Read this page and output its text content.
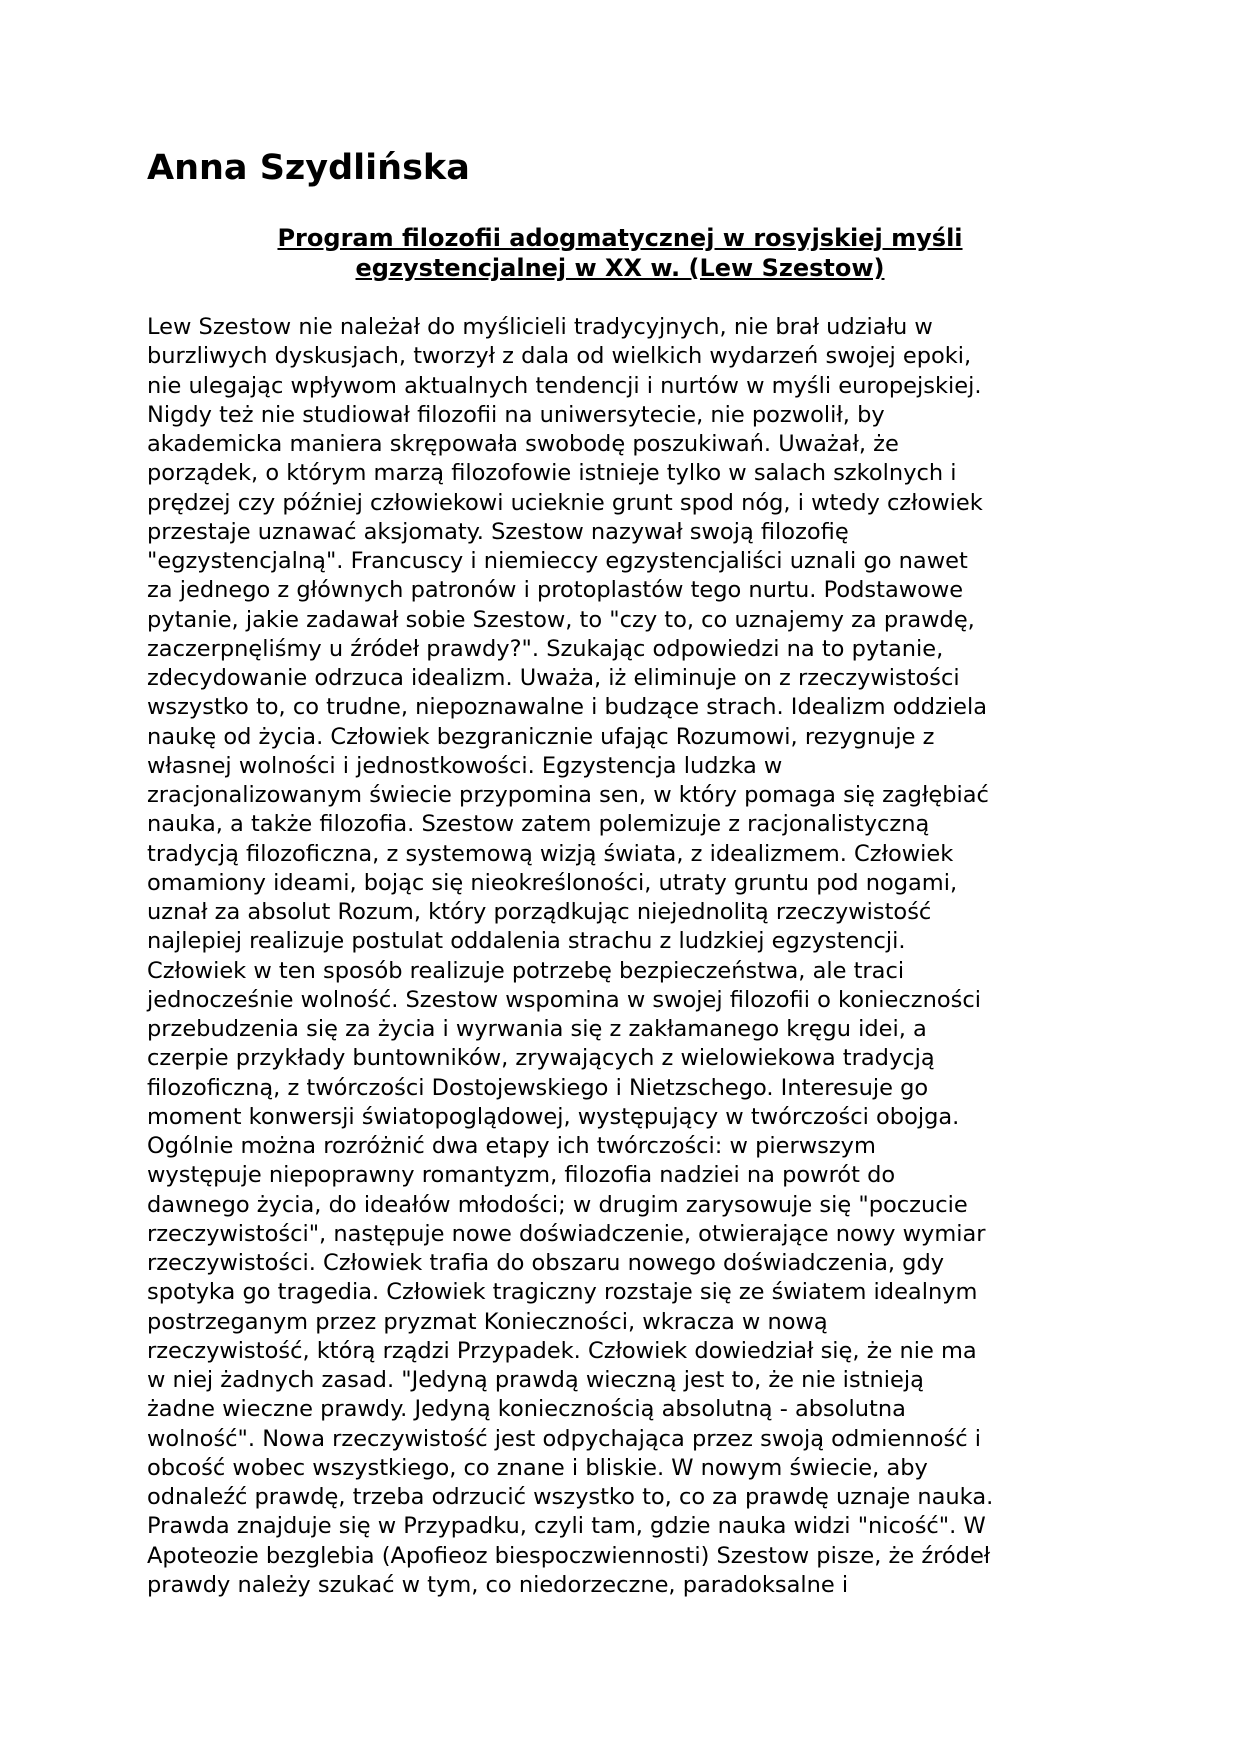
Anna Szydlińska
Program filozofii adogmatycznej w rosyjskiej myśli
egzystencjalnej w XX w. (Lew Szestow)
Lew Szestow nie należał do myślicieli tradycyjnych, nie brał udziału w
burzliwych dyskusjach, tworzył z dala od wielkich wydarzeń swojej epoki,
nie ulegając wpływom aktualnych tendencji i nurtów w myśli europejskiej.
Nigdy też nie studiował filozofii na uniwersytecie, nie pozwolił, by
akademicka maniera skrępowała swobodę poszukiwań. Uważał, że
porządek, o którym marzą filozofowie istnieje tylko w salach szkolnych i
prędzej czy później człowiekowi ucieknie grunt spod nóg, i wtedy człowiek
przestaje uznawać aksjomaty. Szestow nazywał swoją filozofię
"egzystencjalną". Francuscy i niemieccy egzystencjaliści uznali go nawet
za jednego z głównych patronów i protoplastów tego nurtu. Podstawowe
pytanie, jakie zadawał sobie Szestow, to "czy to, co uznajemy za prawdę,
zaczerpnęliśmy u źródeł prawdy?". Szukając odpowiedzi na to pytanie,
zdecydowanie odrzuca idealizm. Uważa, iż eliminuje on z rzeczywistości
wszystko to, co trudne, niepoznawalne i budzące strach. Idealizm oddziela
naukę od życia. Człowiek bezgranicznie ufając Rozumowi, rezygnuje z
własnej wolności i jednostkowości. Egzystencja ludzka w
zracjonalizowanym świecie przypomina sen, w który pomaga się zagłębiać
nauka, a także filozofia. Szestow zatem polemizuje z racjonalistyczną
tradycją filozoficzna, z systemową wizją świata, z idealizmem. Człowiek
omamiony ideami, bojąc się nieokreśloności, utraty gruntu pod nogami,
uznał za absolut Rozum, który porządkując niejednolitą rzeczywistość
najlepiej realizuje postulat oddalenia strachu z ludzkiej egzystencji.
Człowiek w ten sposób realizuje potrzebę bezpieczeństwa, ale traci
jednocześnie wolność. Szestow wspomina w swojej filozofii o konieczności
przebudzenia się za życia i wyrwania się z zakłamanego kręgu idei, a
czerpie przykłady buntowników, zrywających z wielowiekowa tradycją
filozoficzną, z twórczości Dostojewskiego i Nietzschego. Interesuje go
moment konwersji światopoglądowej, występujący w twórczości obojga.
Ogólnie można rozróżnić dwa etapy ich twórczości: w pierwszym
występuje niepoprawny romantyzm, filozofia nadziei na powrót do
dawnego życia, do ideałów młodości; w drugim zarysowuje się "poczucie
rzeczywistości", następuje nowe doświadczenie, otwierające nowy wymiar
rzeczywistości. Człowiek trafia do obszaru nowego doświadczenia, gdy
spotyka go tragedia. Człowiek tragiczny rozstaje się ze światem idealnym
postrzeganym przez pryzmat Konieczności, wkracza w nową
rzeczywistość, którą rządzi Przypadek. Człowiek dowiedział się, że nie ma
w niej żadnych zasad. "Jedyną prawdą wieczną jest to, że nie istnieją
żadne wieczne prawdy. Jedyną koniecznością absolutną - absolutna
wolność". Nowa rzeczywistość jest odpychająca przez swoją odmienność i
obcość wobec wszystkiego, co znane i bliskie. W nowym świecie, aby
odnaleźć prawdę, trzeba odrzucić wszystko to, co za prawdę uznaje nauka.
Prawda znajduje się w Przypadku, czyli tam, gdzie nauka widzi "nicość". W
Apoteozie bezglebia (Apofieoz biespoczwiennosti) Szestow pisze, że źródeł
prawdy należy szukać w tym, co niedorzeczne, paradoksalne i
